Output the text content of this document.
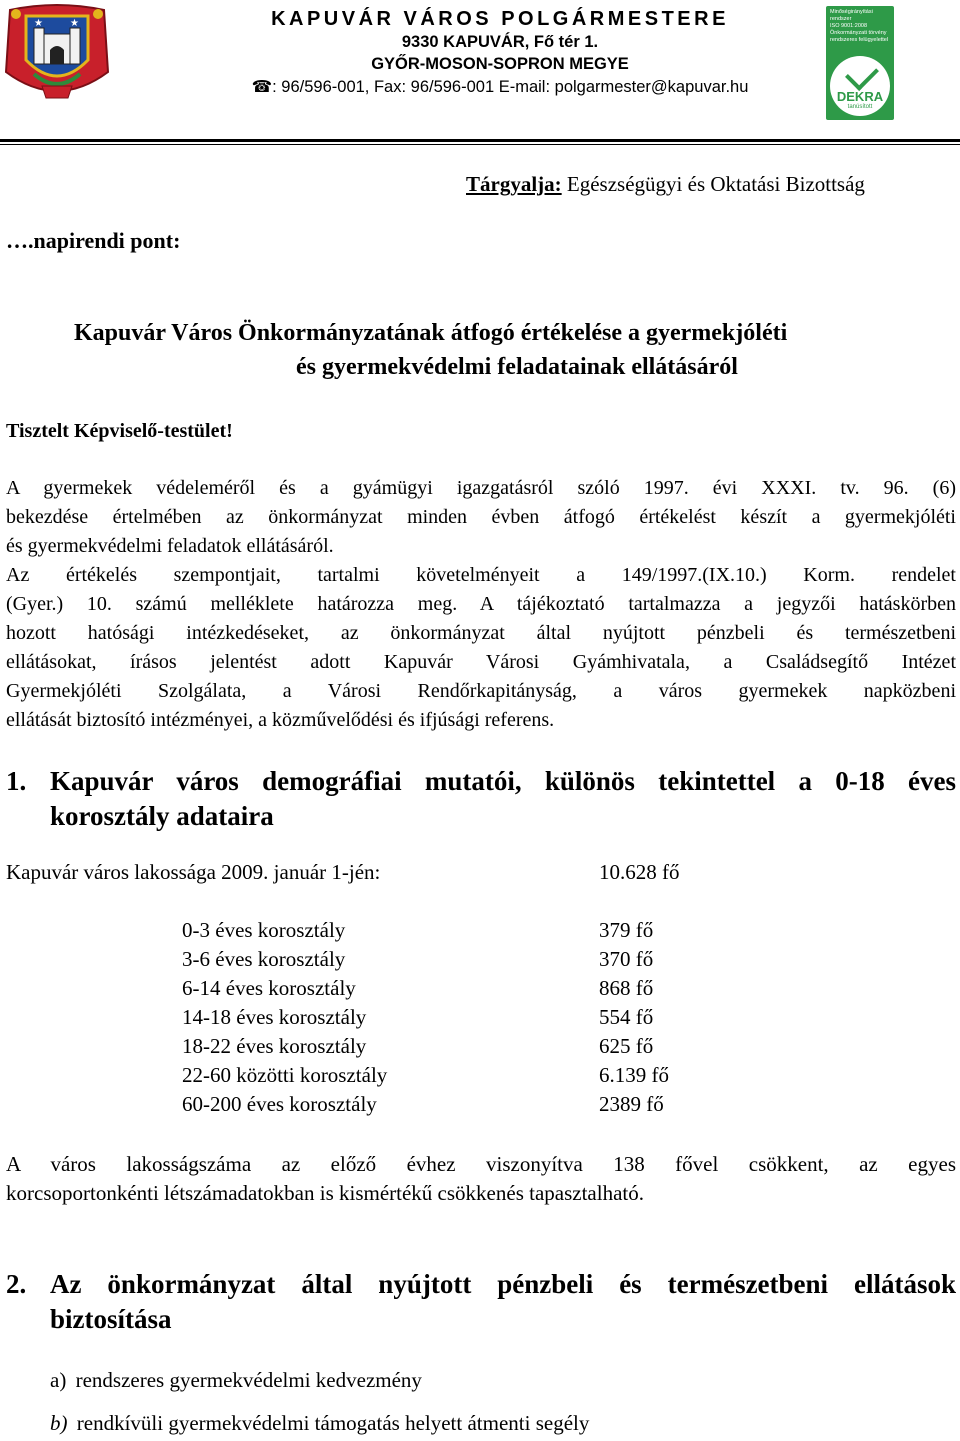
★	★	KAPUVÁR VÁROS POLGÁRMESTERE
9330 KAPUVÁR, Fő tér 1.
GYŐR-MOSON-SOPRON MEGYE
☎: 96/596-001, Fax: 96/596-001 E-mail: polgarmester@kapuvar.hu
Minőségirányítási
rendszer
ISO 9001:2008
Önkormányzati törvény
rendszeres felügyelettel
DEKRA
tanúsított
Tárgyalja: Egészségügyi és Oktatási Bizottság
….napirendi pont:
Kapuvár Város Önkormányzatának átfogó értékelése a gyermekjóléti
és gyermekvédelmi feladatainak ellátásáról
Tisztelt Képviselő-testület!
A gyermekek védeleméről és a gyámügyi igazgatásról szóló 1997. évi XXXI. tv. 96. (6)
bekezdése értelmében az önkormányzat minden évben átfogó értékelést készít a gyermekjóléti
és gyermekvédelmi feladatok ellátásáról.
Az értékelés szempontjait, tartalmi követelményeit a 149/1997.(IX.10.) Korm. rendelet
(Gyer.) 10. számú melléklete határozza meg. A tájékoztató tartalmazza a jegyzői hatáskörben
hozott hatósági intézkedéseket, az önkormányzat által nyújtott pénzbeli és természetbeni
ellátásokat, írásos jelentést adott Kapuvár Városi Gyámhivatala, a Családsegítő Intézet
Gyermekjóléti Szolgálata, a Városi Rendőrkapitányság, a város gyermekek napközbeni
ellátását biztosító intézményei, a közművelődési és ifjúsági referens.
1. Kapuvár város demográfiai mutatói, különös tekintettel a 0-18 éves
korosztály adataira
Kapuvár város lakossága 2009. január 1-jén:	10.628 fő
0-3 éves korosztály	379 fő
3-6 éves korosztály	370 fő
6-14 éves korosztály	868 fő
14-18 éves korosztály	554 fő
18-22 éves korosztály	625 fő
22-60 közötti korosztály	6.139 fő
60-200 éves korosztály	2389 fő
A város lakosságszáma az előző évhez viszonyítva 138 fővel csökkent, az egyes
korcsoportonkénti létszámadatokban is kismértékű csökkenés tapasztalható.
2. Az önkormányzat által nyújtott pénzbeli és természetbeni ellátások
biztosítása
a) rendszeres gyermekvédelmi kedvezmény
b) rendkívüli gyermekvédelmi támogatás helyett átmenti segély
